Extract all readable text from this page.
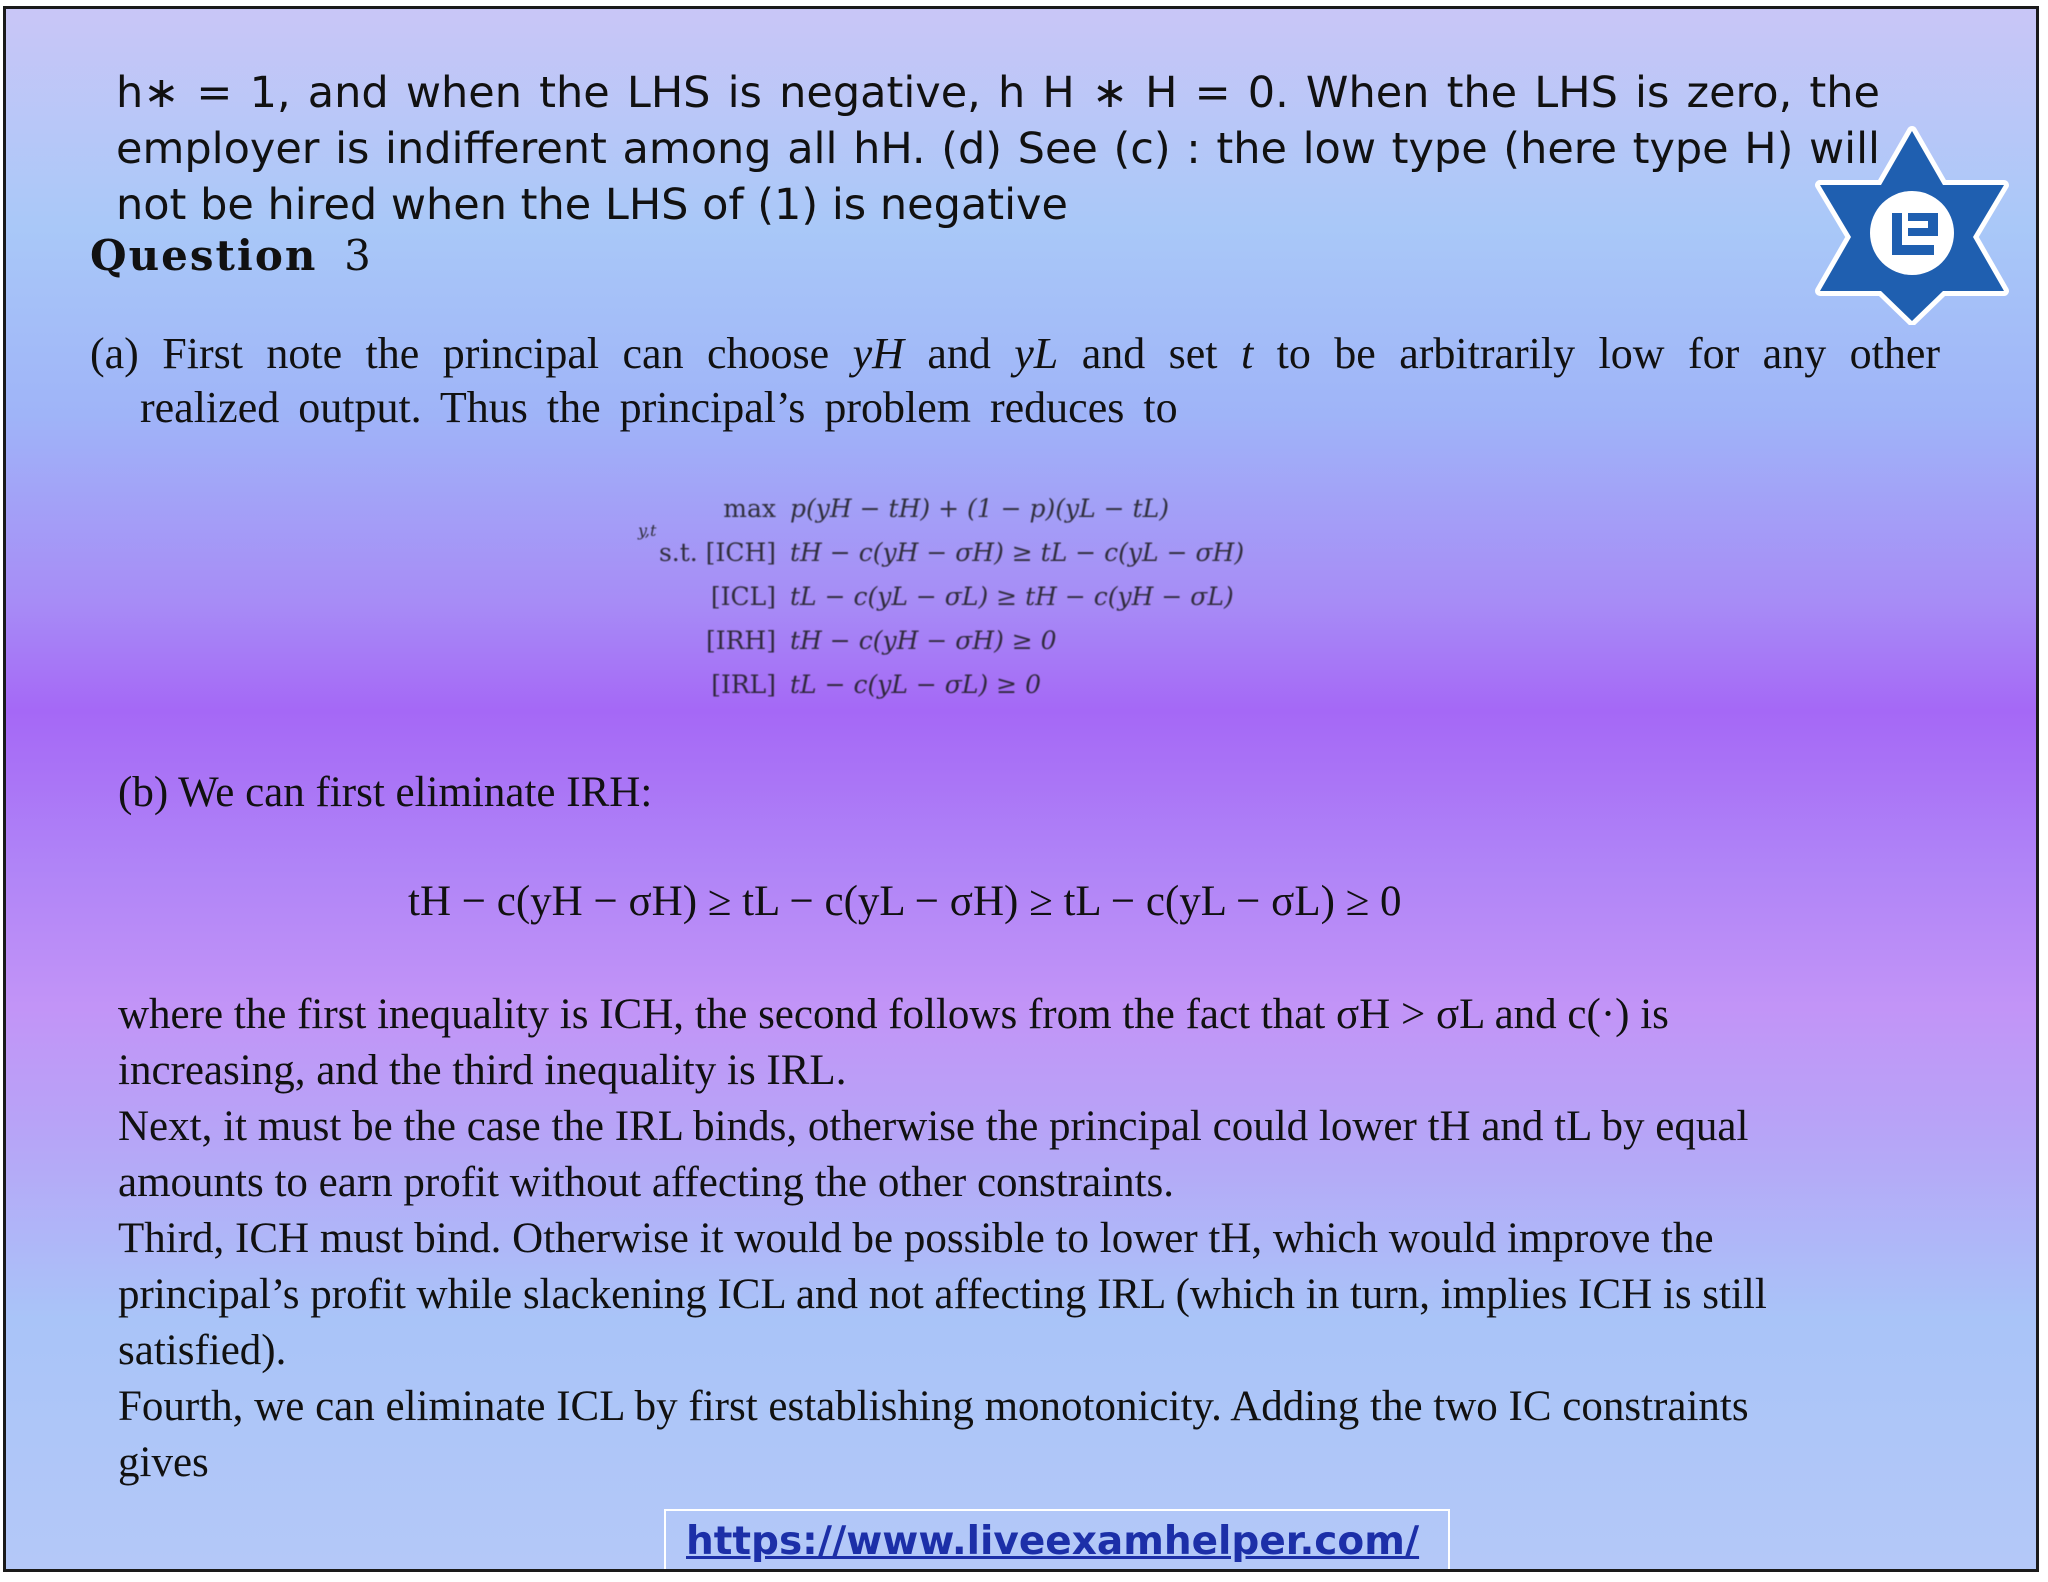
h∗ = 1, and when the LHS is negative, h H ∗ H = 0. When the LHS is zero, the employer is indifferent among all hH. (d) See (c) : the low type (here type H) will not be hired when the LHS of (1) is negative

Question 3

(a) First note the principal can choose yH and yL and set t to be arbitrarily low for any other realized output. Thus the principal’s problem reduces to

max
y,t
p(yH − tH) + (1 − p)(yL − tL)
s.t. [ICH] tH − c(yH − σH) ≥ tL − c(yL − σH)
[ICL] tL − c(yL − σL) ≥ tH − c(yH − σL)
[IRH] tH − c(yH − σH) ≥ 0
[IRL] tL − c(yL − σL) ≥ 0

(b) We can first eliminate IRH:

tH − c(yH − σH) ≥ tL − c(yL − σH) ≥ tL − c(yL − σL) ≥ 0

where the first inequality is ICH, the second follows from the fact that σH > σL and c(·) is
increasing, and the third inequality is IRL.
Next, it must be the case the IRL binds, otherwise the principal could lower tH and tL by equal
amounts to earn profit without affecting the other constraints.
Third, ICH must bind. Otherwise it would be possible to lower tH, which would improve the
principal’s profit while slackening ICL and not affecting IRL (which in turn, implies ICH is still
satisfied).
Fourth, we can eliminate ICL by first establishing monotonicity. Adding the two IC constraints
gives
https://www.liveexamhelper.com/
